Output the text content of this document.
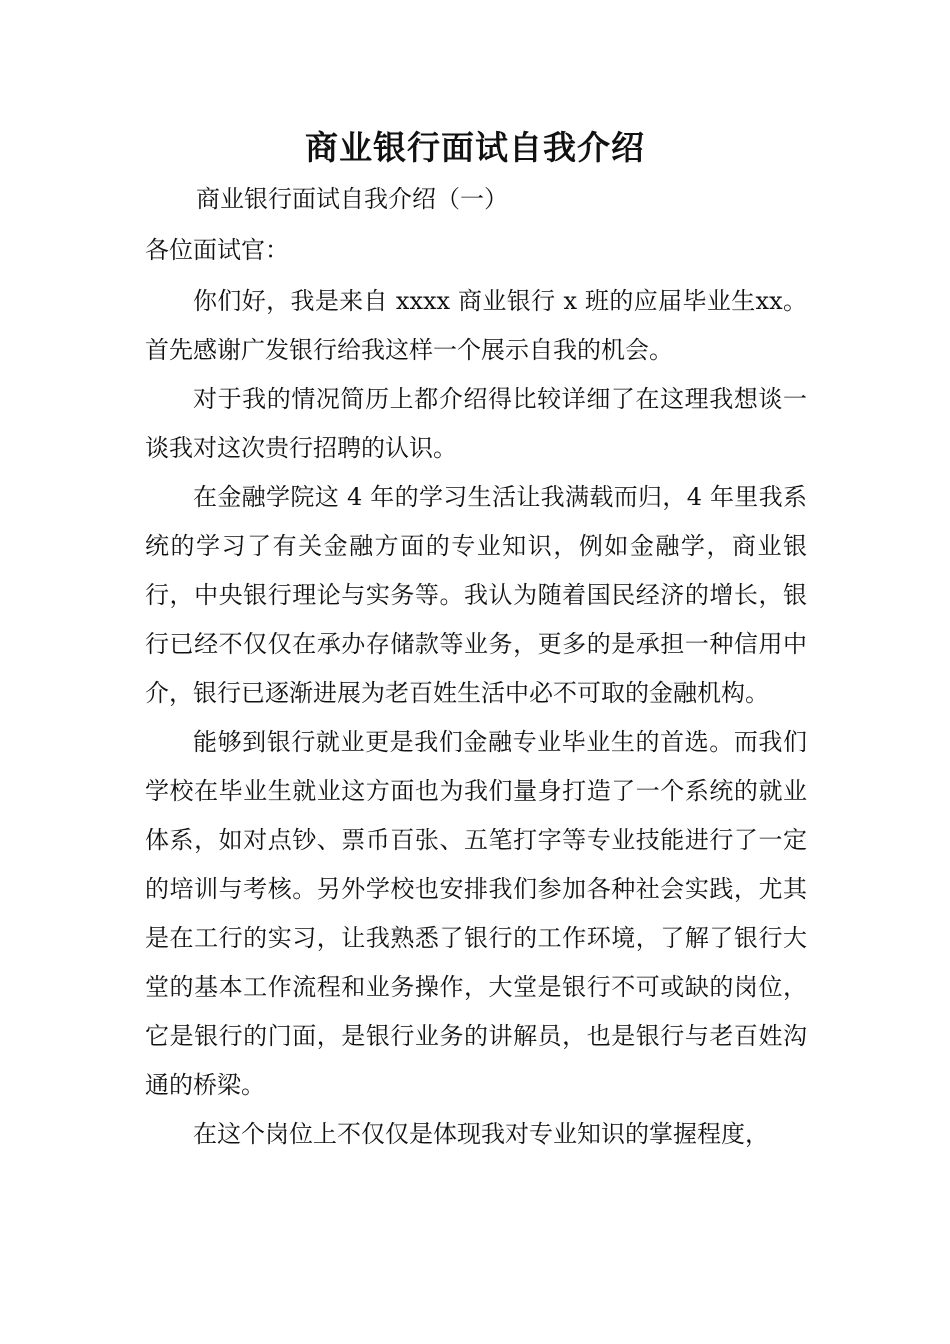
商业银行面试自我介绍
商业银行面试自我介绍（一）
各位面试官：

你们好，我是来自 xxxx 商业银行 x 班的应届毕业生xx。首先感谢广发银行给我这样一个展示自我的机会。

对于我的情况简历上都介绍得比较详细了在这理我想谈一谈我对这次贵行招聘的认识。

在金融学院这 4 年的学习生活让我满载而归，4 年里我系统的学习了有关金融方面的专业知识，例如金融学，商业银行，中央银行理论与实务等。我认为随着国民经济的增长，银行已经不仅仅在承办存储款等业务，更多的是承担一种信用中介，银行已逐渐进展为老百姓生活中必不可取的金融机构。

能够到银行就业更是我们金融专业毕业生的首选。而我们学校在毕业生就业这方面也为我们量身打造了一个系统的就业体系，如对点钞、票币百张、五笔打字等专业技能进行了一定的培训与考核。另外学校也安排我们参加各种社会实践，尤其是在工行的实习，让我熟悉了银行的工作环境，了解了银行大堂的基本工作流程和业务操作，大堂是银行不可或缺的岗位，它是银行的门面，是银行业务的讲解员，也是银行与老百姓沟通的桥梁。

在这个岗位上不仅仅是体现我对专业知识的掌握程度，
